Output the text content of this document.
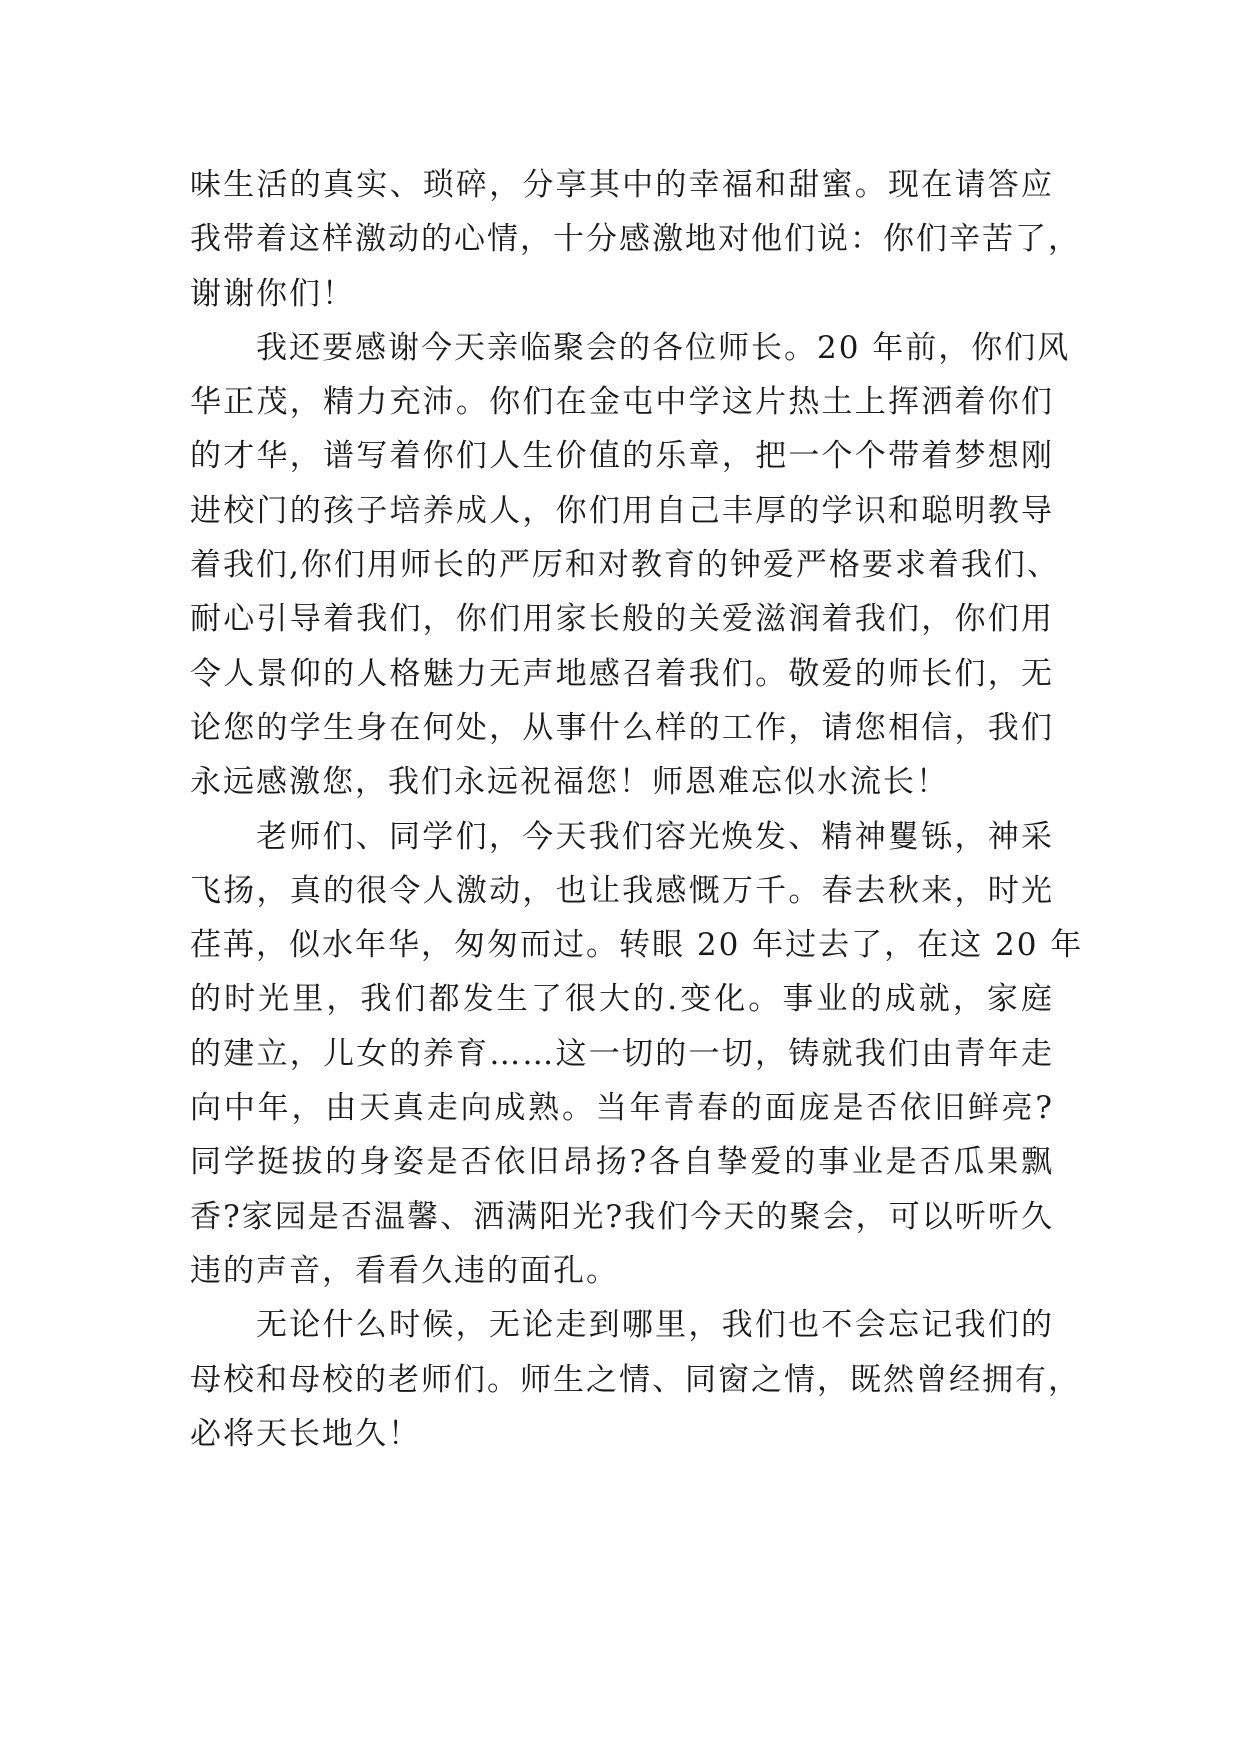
味生活的真实、琐碎，分享其中的幸福和甜蜜。现在请答应
我带着这样激动的心情，十分感激地对他们说：你们辛苦了，
谢谢你们！

我还要感谢今天亲临聚会的各位师长。20 年前，你们风
华正茂，精力充沛。你们在金屯中学这片热土上挥洒着你们
的才华，谱写着你们人生价值的乐章，把一个个带着梦想刚
进校门的孩子培养成人，你们用自己丰厚的学识和聪明教导
着我们,你们用师长的严厉和对教育的钟爱严格要求着我们、
耐心引导着我们，你们用家长般的关爱滋润着我们，你们用
令人景仰的人格魅力无声地感召着我们。敬爱的师长们，无
论您的学生身在何处，从事什么样的工作，请您相信，我们
永远感激您，我们永远祝福您！师恩难忘似水流长！

老师们、同学们，今天我们容光焕发、精神矍铄，神采
飞扬，真的很令人激动，也让我感慨万千。春去秋来，时光
荏苒，似水年华，匆匆而过。转眼 20 年过去了，在这 20 年
的时光里，我们都发生了很大的.变化。事业的成就，家庭
的建立，儿女的养育……这一切的一切，铸就我们由青年走
向中年，由天真走向成熟。当年青春的面庞是否依旧鲜亮?
同学挺拔的身姿是否依旧昂扬?各自挚爱的事业是否瓜果飘
香?家园是否温馨、洒满阳光?我们今天的聚会，可以听听久
违的声音，看看久违的面孔。

无论什么时候，无论走到哪里，我们也不会忘记我们的
母校和母校的老师们。师生之情、同窗之情，既然曾经拥有，
必将天长地久！
